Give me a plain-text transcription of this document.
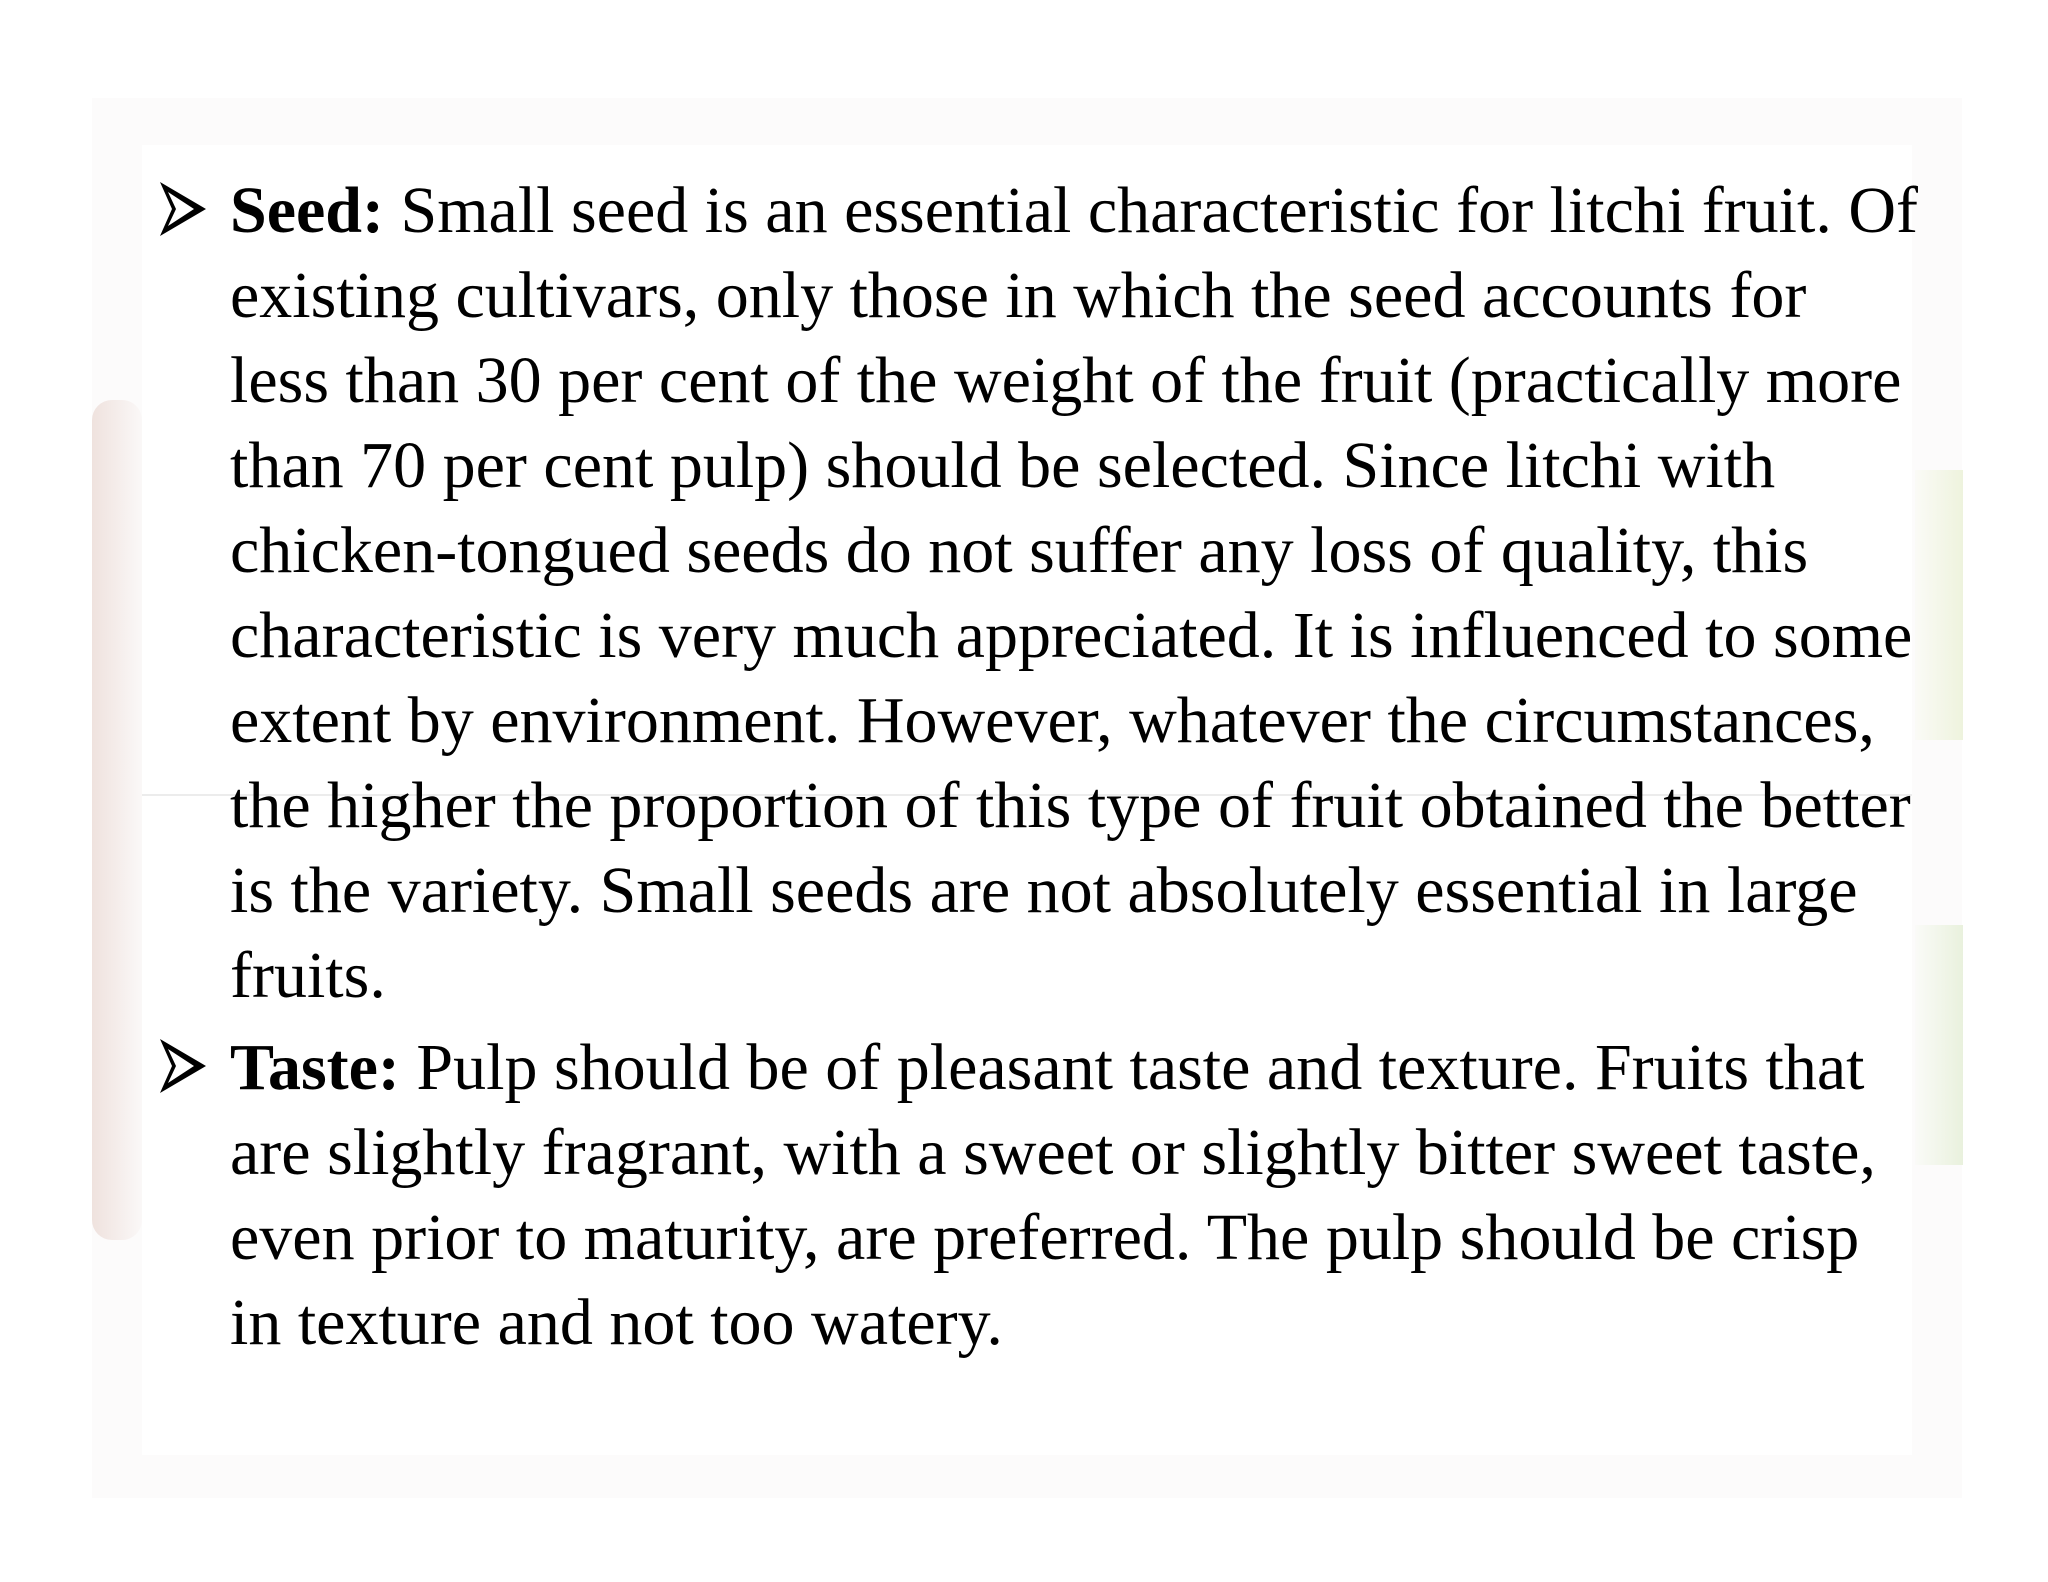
Seed: Small seed is an essential characteristic for litchi fruit. Of existing cultivars, only those in which the seed accounts for less than 30 per cent of the weight of the fruit (practically more than 70 per cent pulp) should be selected. Since litchi with chicken-tongued seeds do not suffer any loss of quality, this characteristic is very much appreciated. It is influenced to some extent by environment. However, whatever the circumstances, the higher the proportion of this type of fruit obtained the better is the variety. Small seeds are not absolutely essential in large fruits.

Taste: Pulp should be of pleasant taste and texture. Fruits that are slightly fragrant, with a sweet or slightly bitter sweet taste, even prior to maturity, are preferred. The pulp should be crisp in texture and not too watery.
